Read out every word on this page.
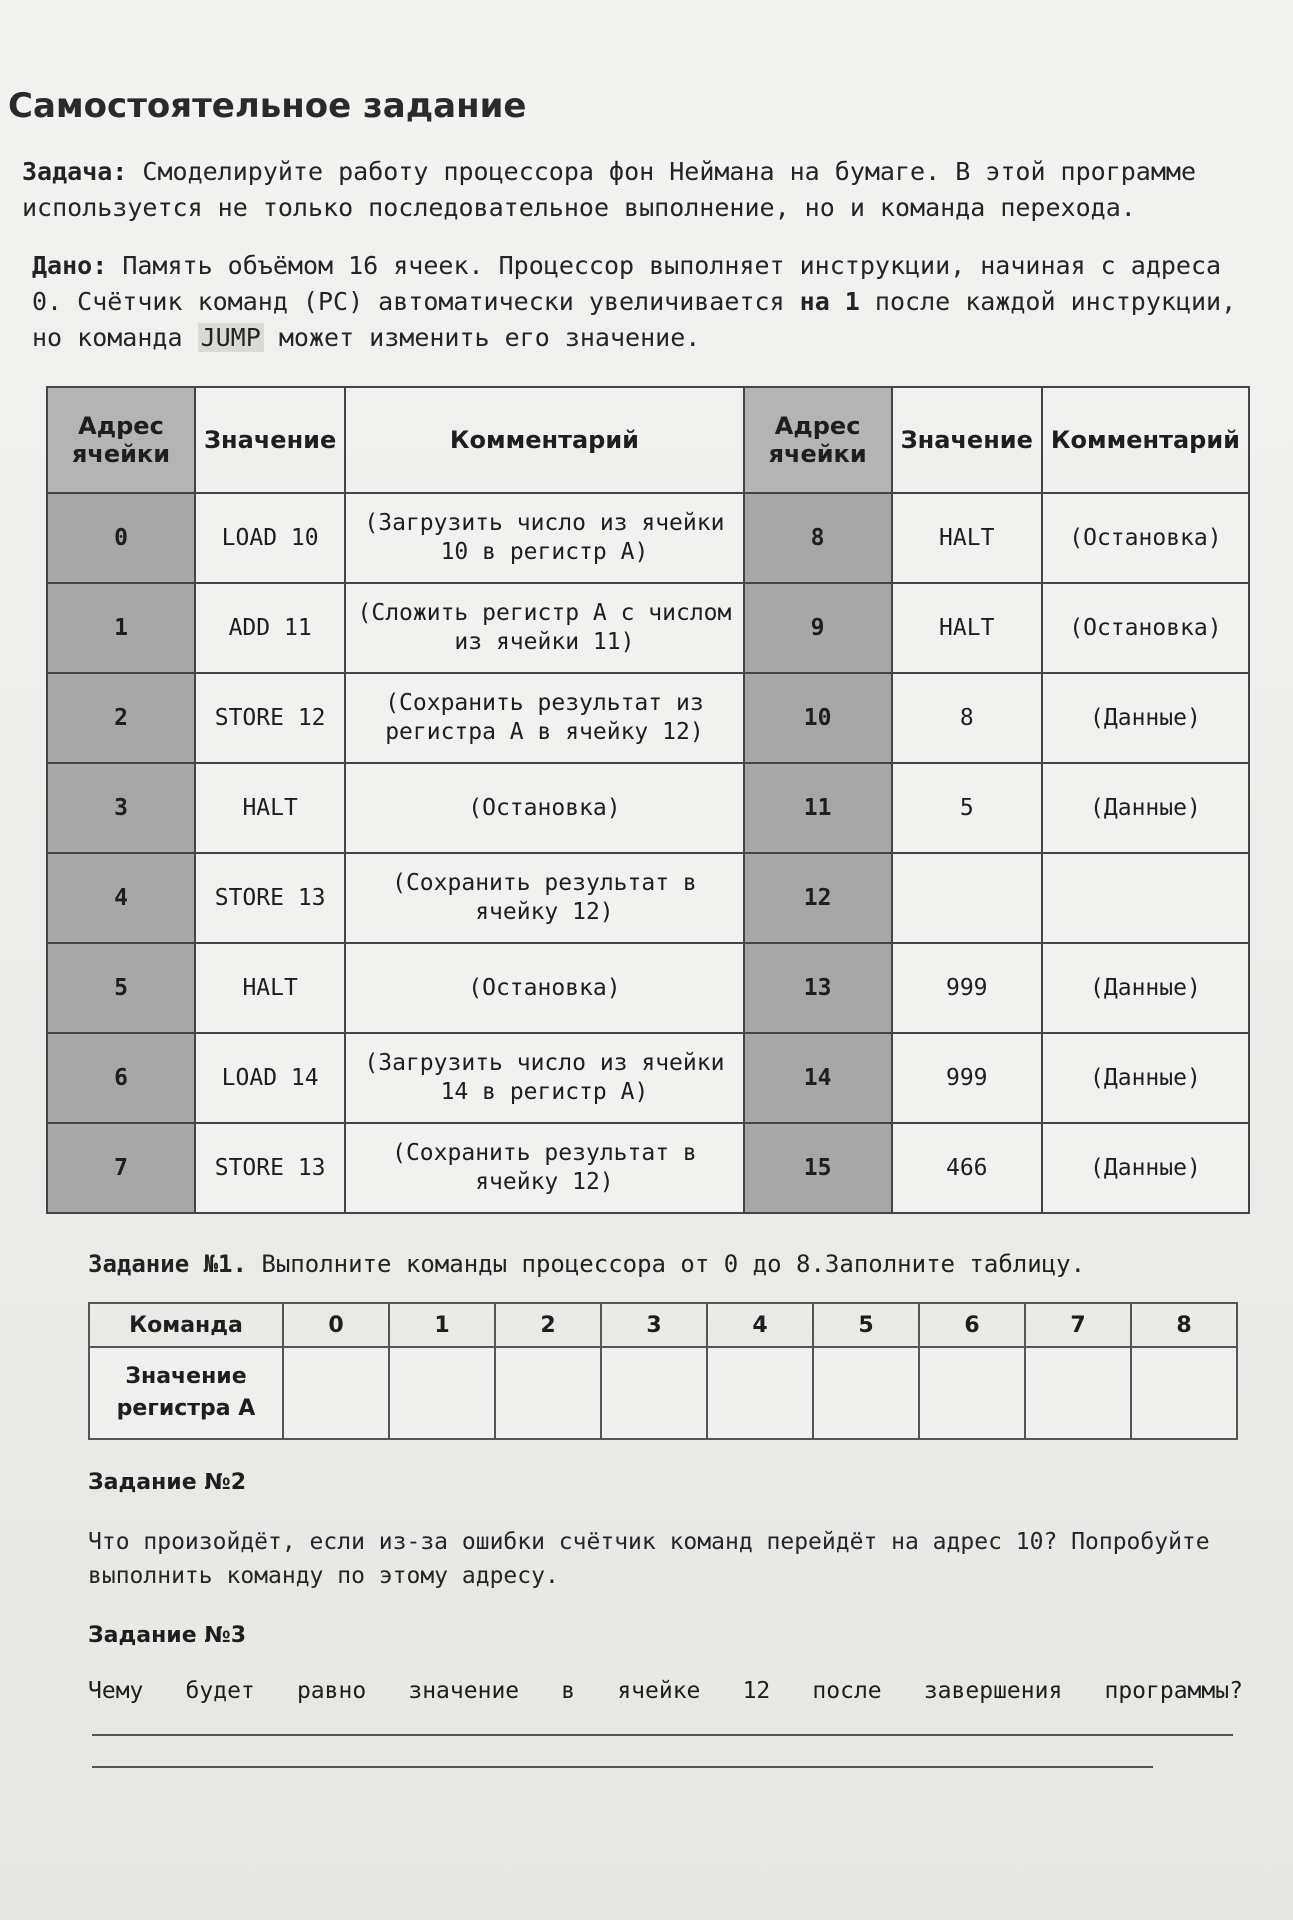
Самостоятельное задание
Задача: Смоделируйте работу процессора фон Неймана на бумаге. В этой программе используется не только последовательное выполнение, но и команда перехода.
Дано: Память объёмом 16 ячеек. Процессор выполняет инструкции, начиная с адреса 0. Счётчик команд (PC) автоматически увеличивается на 1 после каждой инструкции, но команда JUMP может изменить его значение.
Адрес ячейки	Значение	Комментарий	Адрес ячейки	Значение	Комментарий
0	LOAD 10	(Загрузить число из ячейки 10 в регистр A)	8	HALT	(Остановка)
1	ADD 11	(Сложить регистр A с числом из ячейки 11)	9	HALT	(Остановка)
2	STORE 12	(Сохранить результат из регистра A в ячейку 12)	10	8	(Данные)
3	HALT	(Остановка)	11	5	(Данные)
4	STORE 13	(Сохранить результат в ячейку 12)	12		
5	HALT	(Остановка)	13	999	(Данные)
6	LOAD 14	(Загрузить число из ячейки 14 в регистр A)	14	999	(Данные)
7	STORE 13	(Сохранить результат в ячейку 12)	15	466	(Данные)
Задание №1. Выполните команды процессора от 0 до 8.Заполните таблицу.
Команда	0	1	2	3	4	5	6	7	8
Значение регистра A									
Задание №2
Что произойдёт, если из-за ошибки счётчик команд перейдёт на адрес 10? Попробуйте выполнить команду по этому адресу.
Задание №3
Чему будет равно значение в ячейке 12 после завершения программы?
